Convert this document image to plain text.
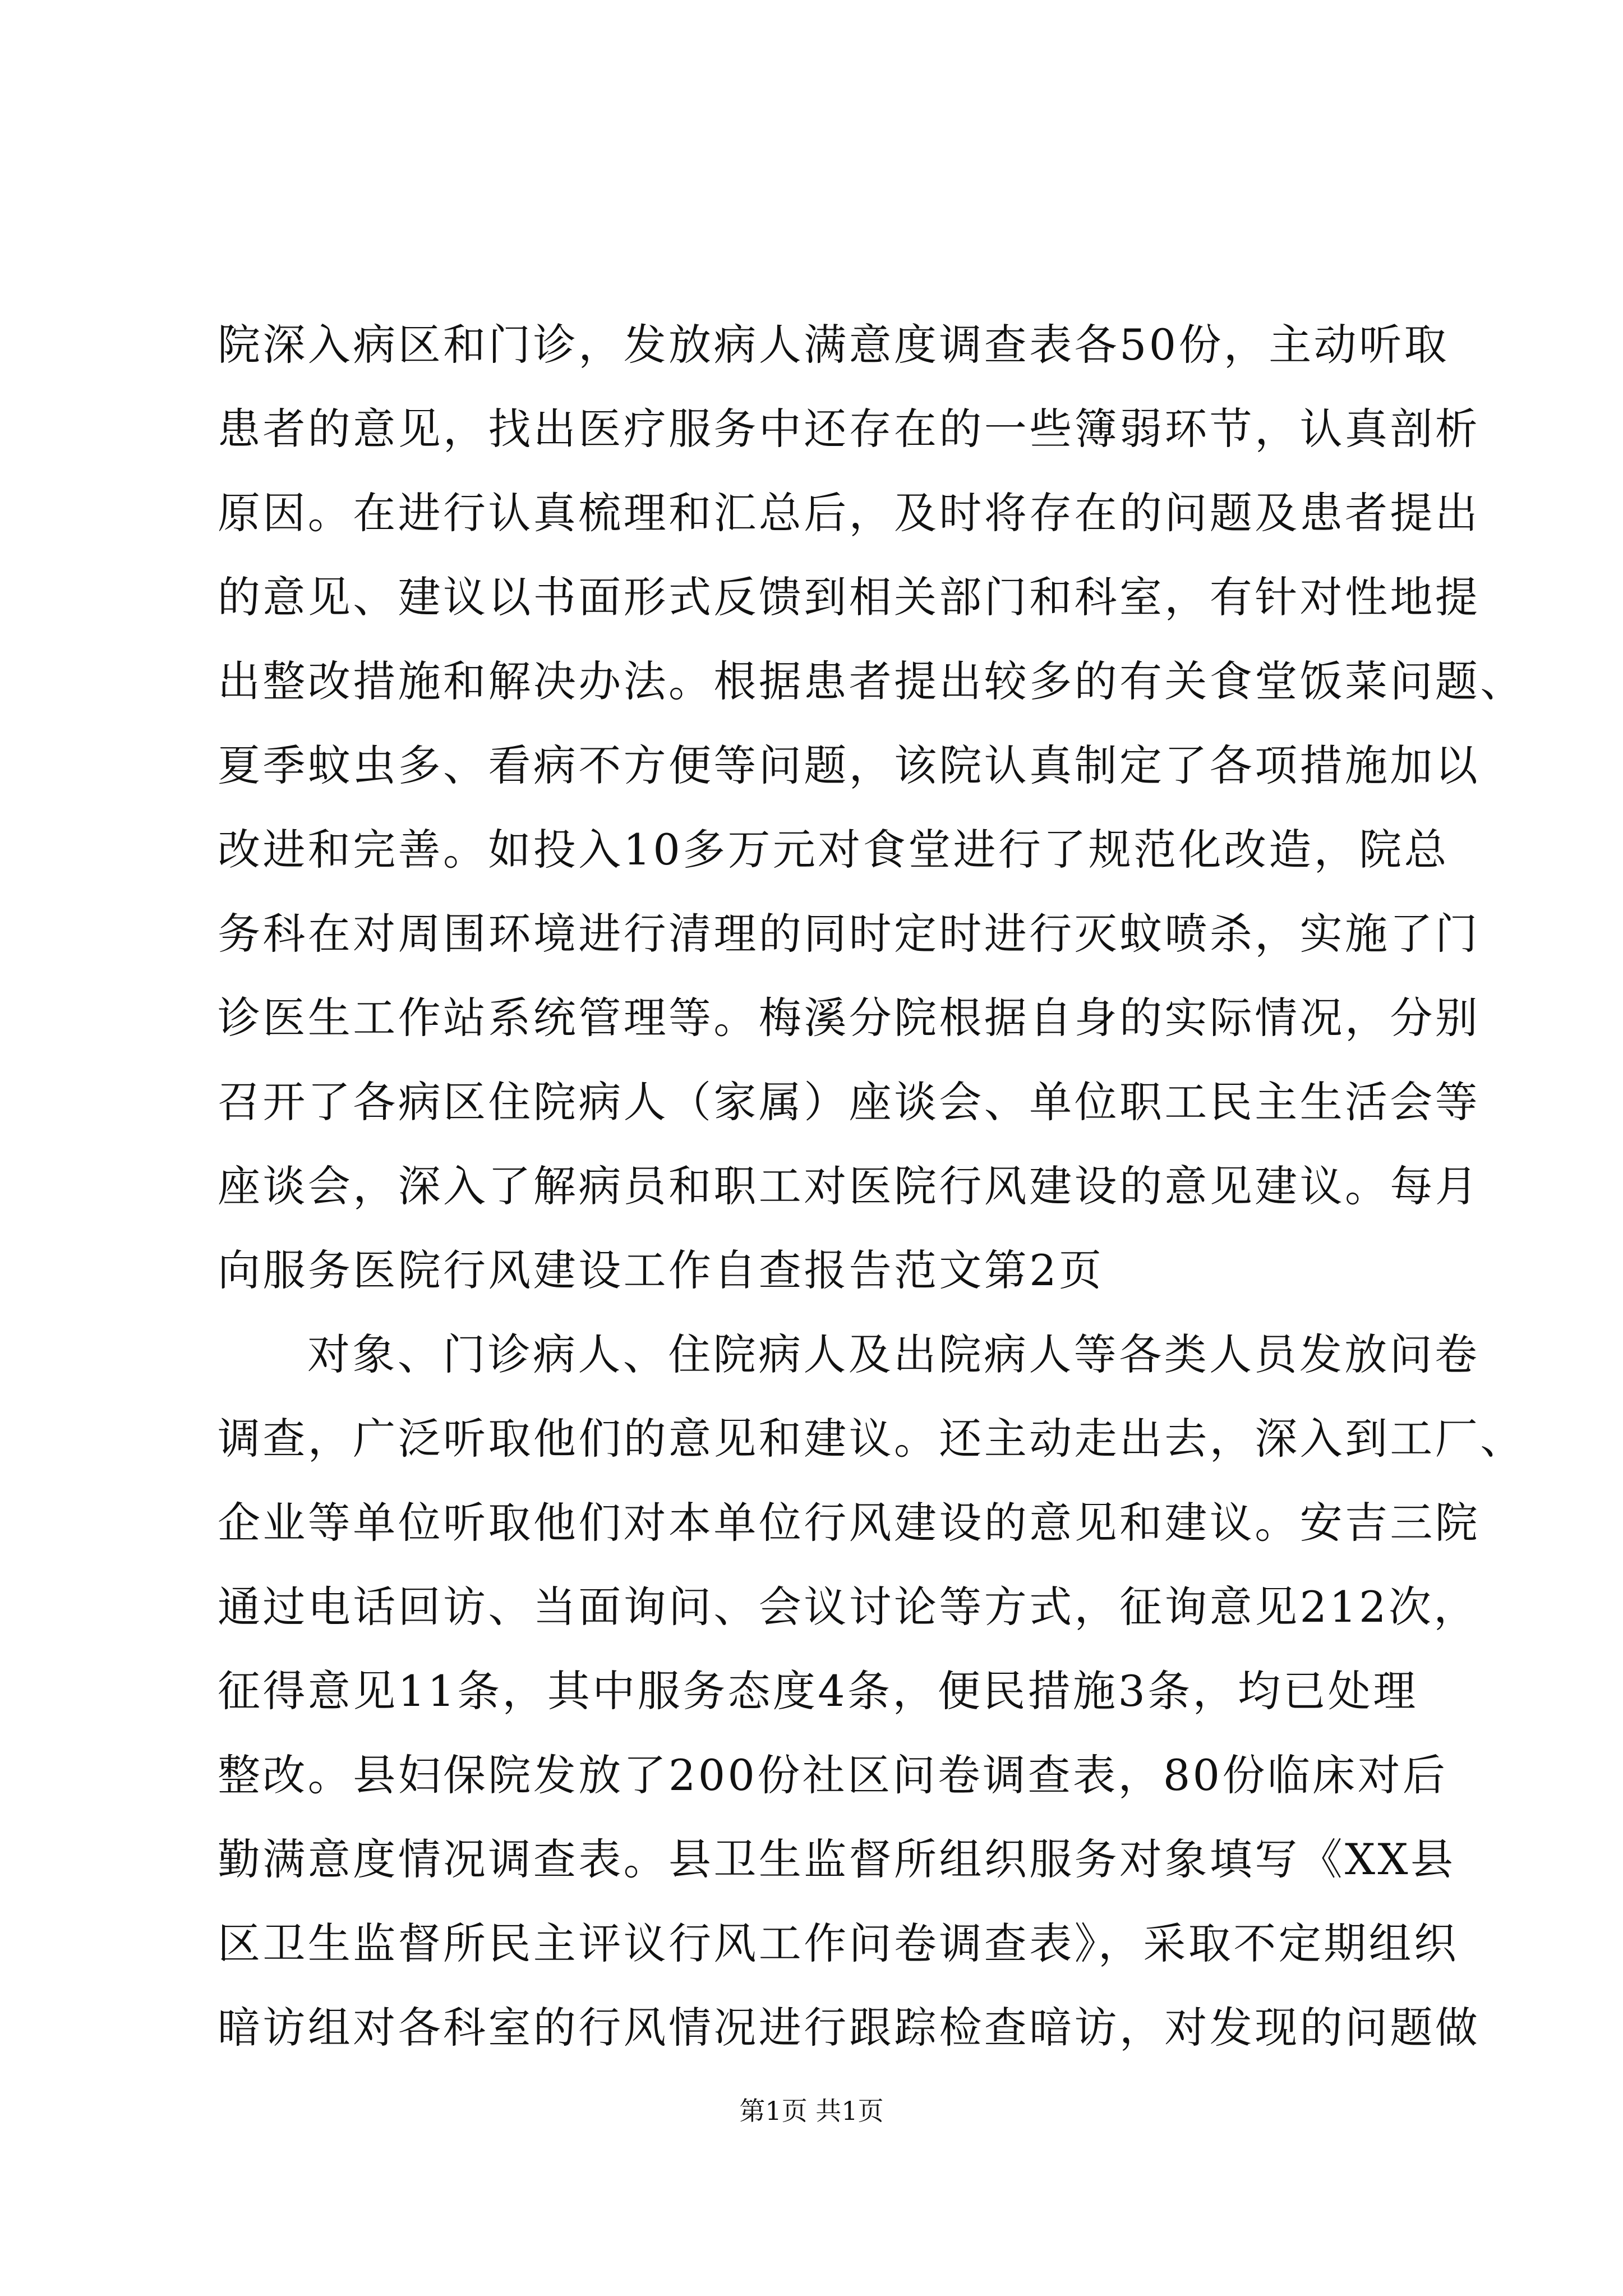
院深入病区和门诊，发放病人满意度调查表各50份，主动听取
患者的意见，找出医疗服务中还存在的一些簿弱环节，认真剖析
原因。在进行认真梳理和汇总后，及时将存在的问题及患者提出
的意见、建议以书面形式反馈到相关部门和科室，有针对性地提
出整改措施和解决办法。根据患者提出较多的有关食堂饭菜问题、
夏季蚊虫多、看病不方便等问题，该院认真制定了各项措施加以
改进和完善。如投入10多万元对食堂进行了规范化改造，院总
务科在对周围环境进行清理的同时定时进行灭蚊喷杀，实施了门
诊医生工作站系统管理等。梅溪分院根据自身的实际情况，分别
召开了各病区住院病人（家属）座谈会、单位职工民主生活会等
座谈会，深入了解病员和职工对医院行风建设的意见建议。每月
向服务医院行风建设工作自查报告范文第2页
对象、门诊病人、住院病人及出院病人等各类人员发放问卷
调查，广泛听取他们的意见和建议。还主动走出去，深入到工厂、
企业等单位听取他们对本单位行风建设的意见和建议。安吉三院
通过电话回访、当面询问、会议讨论等方式，征询意见212次，
征得意见11条，其中服务态度4条，便民措施3条，均已处理
整改。县妇保院发放了200份社区问卷调查表，80份临床对后
勤满意度情况调查表。县卫生监督所组织服务对象填写《XX县
区卫生监督所民主评议行风工作问卷调查表》，采取不定期组织
暗访组对各科室的行风情况进行跟踪检查暗访，对发现的问题做
第1页 共1页
